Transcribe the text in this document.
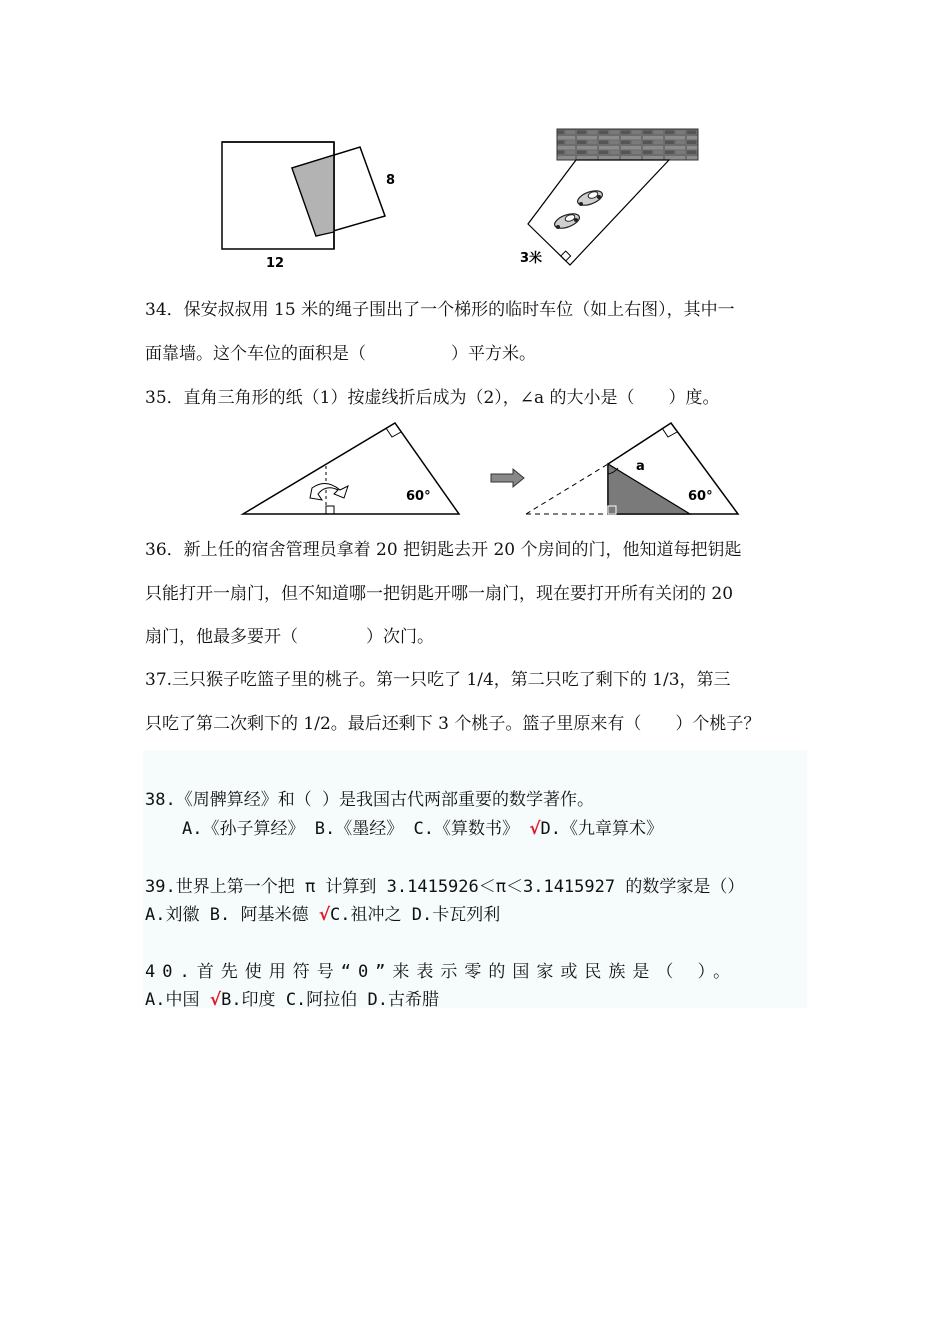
12
8
3米
34．保安叔叔用 15 米的绳子围出了一个梯形的临时车位（如上右图），其中一
面靠墙。这个车位的面积是（　　　　　）平方米。
35．直角三角形的纸（1）按虚线折后成为（2），∠a 的大小是（　　）度。
60°
a
60°
36．新上任的宿舍管理员拿着 20 把钥匙去开 20 个房间的门，他知道每把钥匙
只能打开一扇门，但不知道哪一把钥匙开哪一扇门，现在要打开所有关闭的 20
扇门，他最多要开（　　　　）次门。
37.三只猴子吃篮子里的桃子。第一只吃了 1/4，第二只吃了剩下的 1/3，第三
只吃了第二次剩下的 1/2。最后还剩下 3 个桃子。篮子里原来有（　　）个桃子？
38.《周髀算经》和（ ）是我国古代两部重要的数学著作。
A.《孙子算经》 B.《墨经》 C.《算数书》 √D.《九章算术》
39.世界上第一个把 π 计算到 3.1415926＜π＜3.1415927 的数学家是（）
A.刘徽 B. 阿基米德 √C.祖冲之 D.卡瓦列利
40.首先使用符号“0”来表示零的国家或民族是（ ）。
A.中国 √B.印度 C.阿拉伯 D.古希腊
